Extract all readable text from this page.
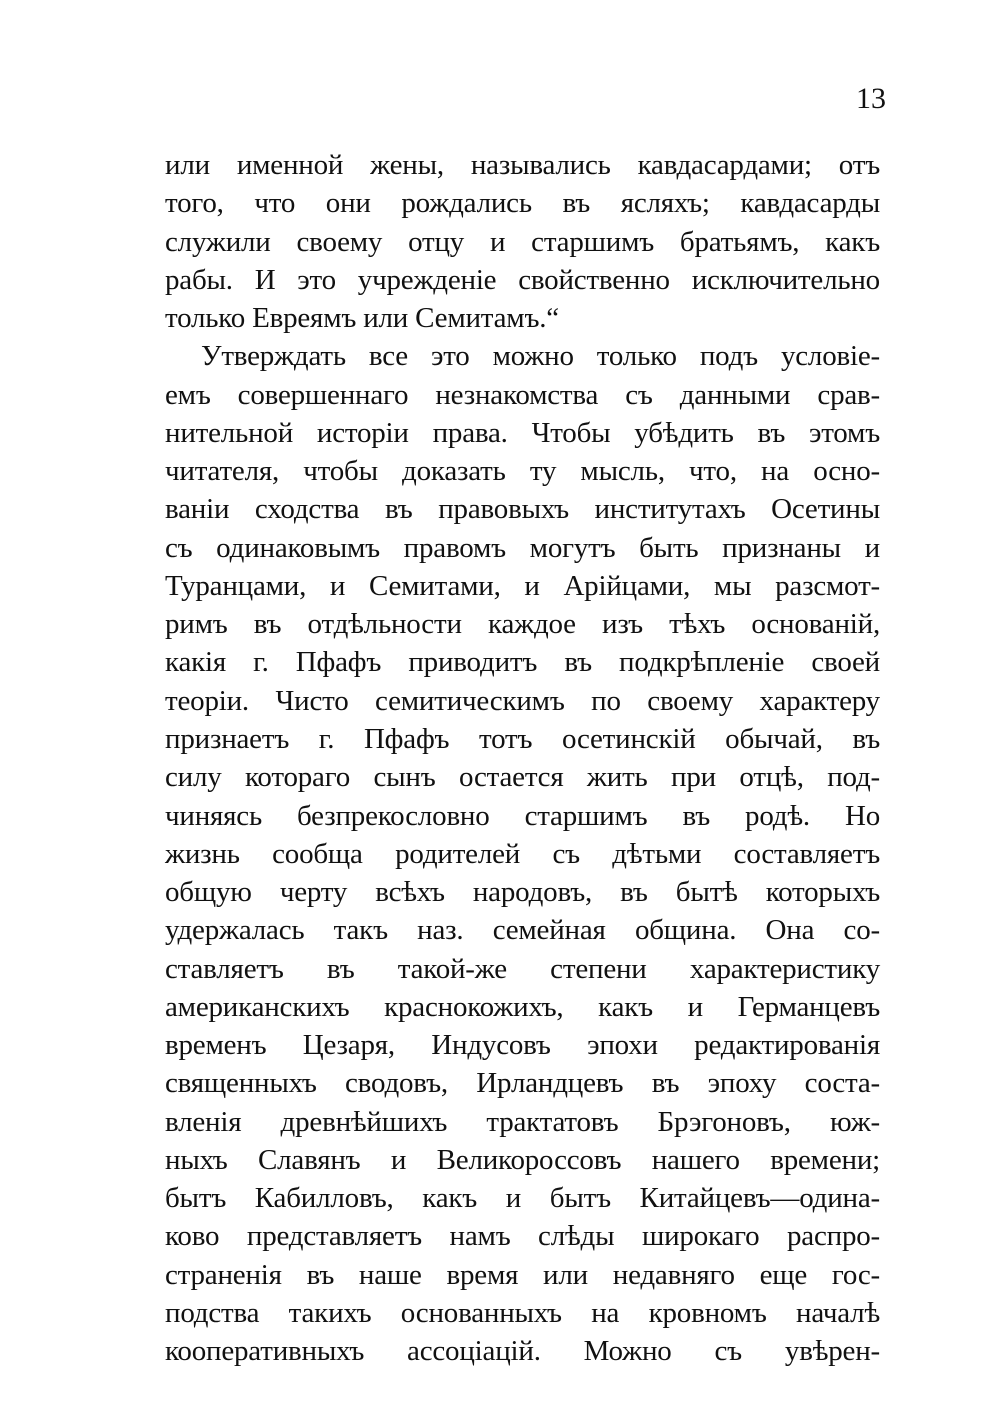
13
или именной жены, назывались кавдасардами; отъ
того, что они рождались въ ясляхъ; кавдасарды
служили своему отцу и старшимъ братьямъ, какъ
рабы. И это учрежденіе свойственно исключительно
только Евреямъ или Семитамъ.“
Утверждать все это можно только подъ условіе-
емъ совершеннаго незнакомства съ данными срав-
нительной исторіи права. Чтобы убѣдить въ этомъ
читателя, чтобы доказать ту мысль, что, на осно-
ваніи сходства въ правовыхъ институтахъ Осетины
съ одинаковымъ правомъ могутъ быть признаны и
Туранцами, и Семитами, и Арійцами, мы разсмот-
римъ въ отдѣльности каждое изъ тѣхъ основаній,
какія г. Пфафъ приводитъ въ подкрѣпленіе своей
теоріи. Чисто семитическимъ по своему характеру
признаетъ г. Пфафъ тотъ осетинскій обычай, въ
силу котораго сынъ остается жить при отцѣ, под-
чиняясь безпрекословно старшимъ въ родѣ. Но
жизнь сообща родителей съ дѣтьми составляетъ
общую черту всѣхъ народовъ, въ бытѣ которыхъ
удержалась такъ наз. семейная община. Она со-
ставляетъ въ такой-же степени характеристику
американскихъ краснокожихъ, какъ и Германцевъ
временъ Цезаря, Индусовъ эпохи редактированія
священныхъ сводовъ, Ирландцевъ въ эпоху соста-
вленія древнѣйшихъ трактатовъ Брэгоновъ, юж-
ныхъ Славянъ и Великороссовъ нашего времени;
бытъ Кабилловъ, какъ и бытъ Китайцевъ—одина-
ково представляетъ намъ слѣды широкаго распро-
страненія въ наше время или недавняго еще гос-
подства такихъ основанныхъ на кровномъ началѣ
кооперативныхъ ассоціацій. Можно съ увѣрен-
